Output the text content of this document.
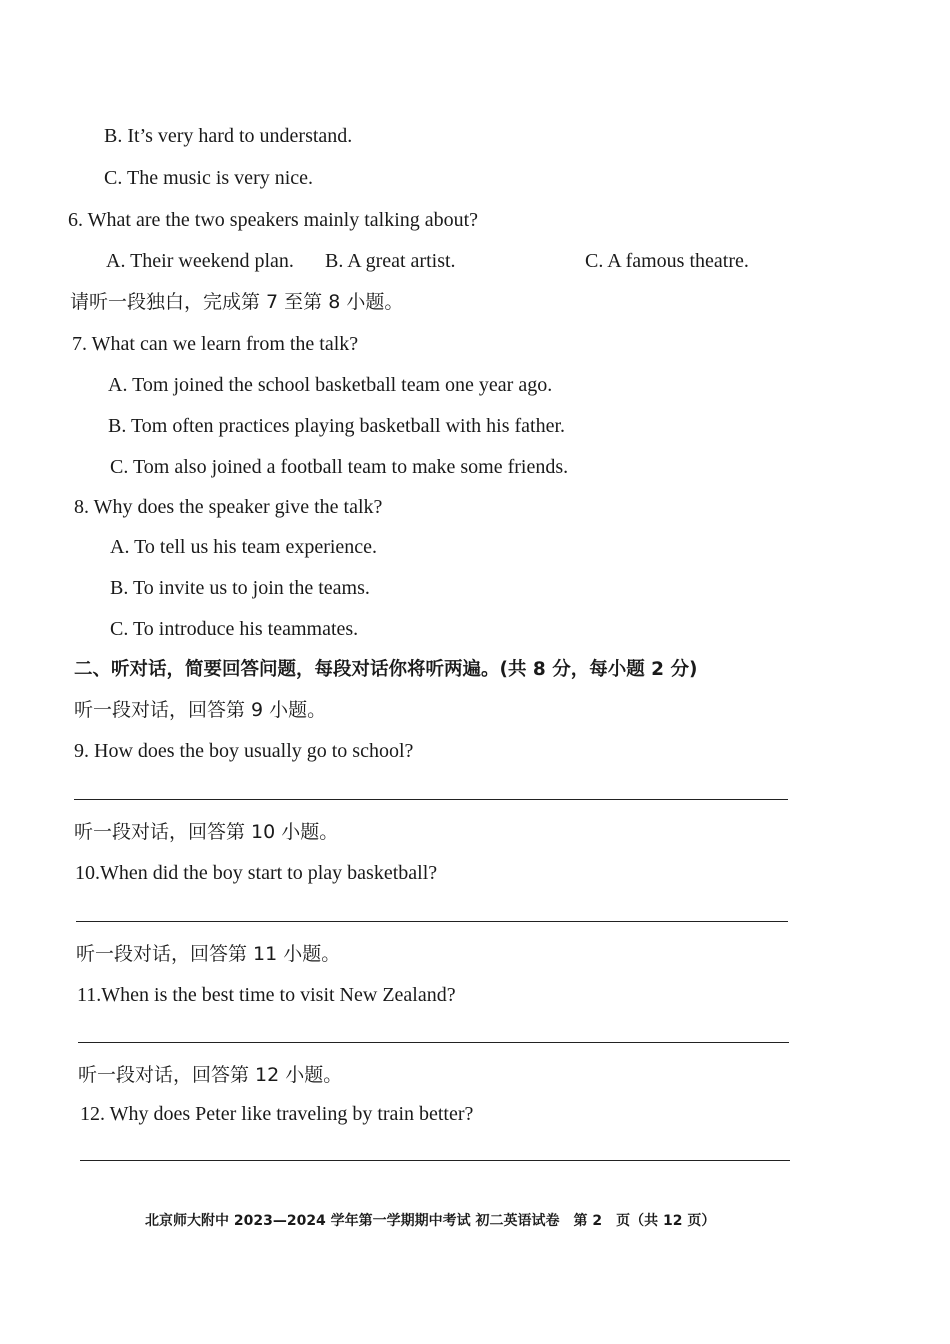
B. It’s very hard to understand.
C. The music is very nice.
6. What are the two speakers mainly talking about?
A. Their weekend plan. B. A great artist.	C. A famous theatre.
请听一段独白，完成第 7 至第 8 小题。
7. What can we learn from the talk?
A. Tom joined the school basketball team one year ago.
B. Tom often practices playing basketball with his father.
C. Tom also joined a football team to make some friends.
8. Why does the speaker give the talk?
A. To tell us his team experience.
B. To invite us to join the teams.
C. To introduce his teammates.
二、听对话，简要回答问题，每段对话你将听两遍。(共 8 分，每小题 2 分)
听一段对话，回答第 9 小题。
9. How does the boy usually go to school?
听一段对话，回答第 10 小题。
10.When did the boy start to play basketball?
听一段对话，回答第 11 小题。
11.When is the best time to visit New Zealand?
听一段对话，回答第 12 小题。
12. Why does Peter like traveling by train better?
北京师大附中 2023—2024 学年第一学期期中考试 初二英语试卷　第 2　页（共 12 页）
